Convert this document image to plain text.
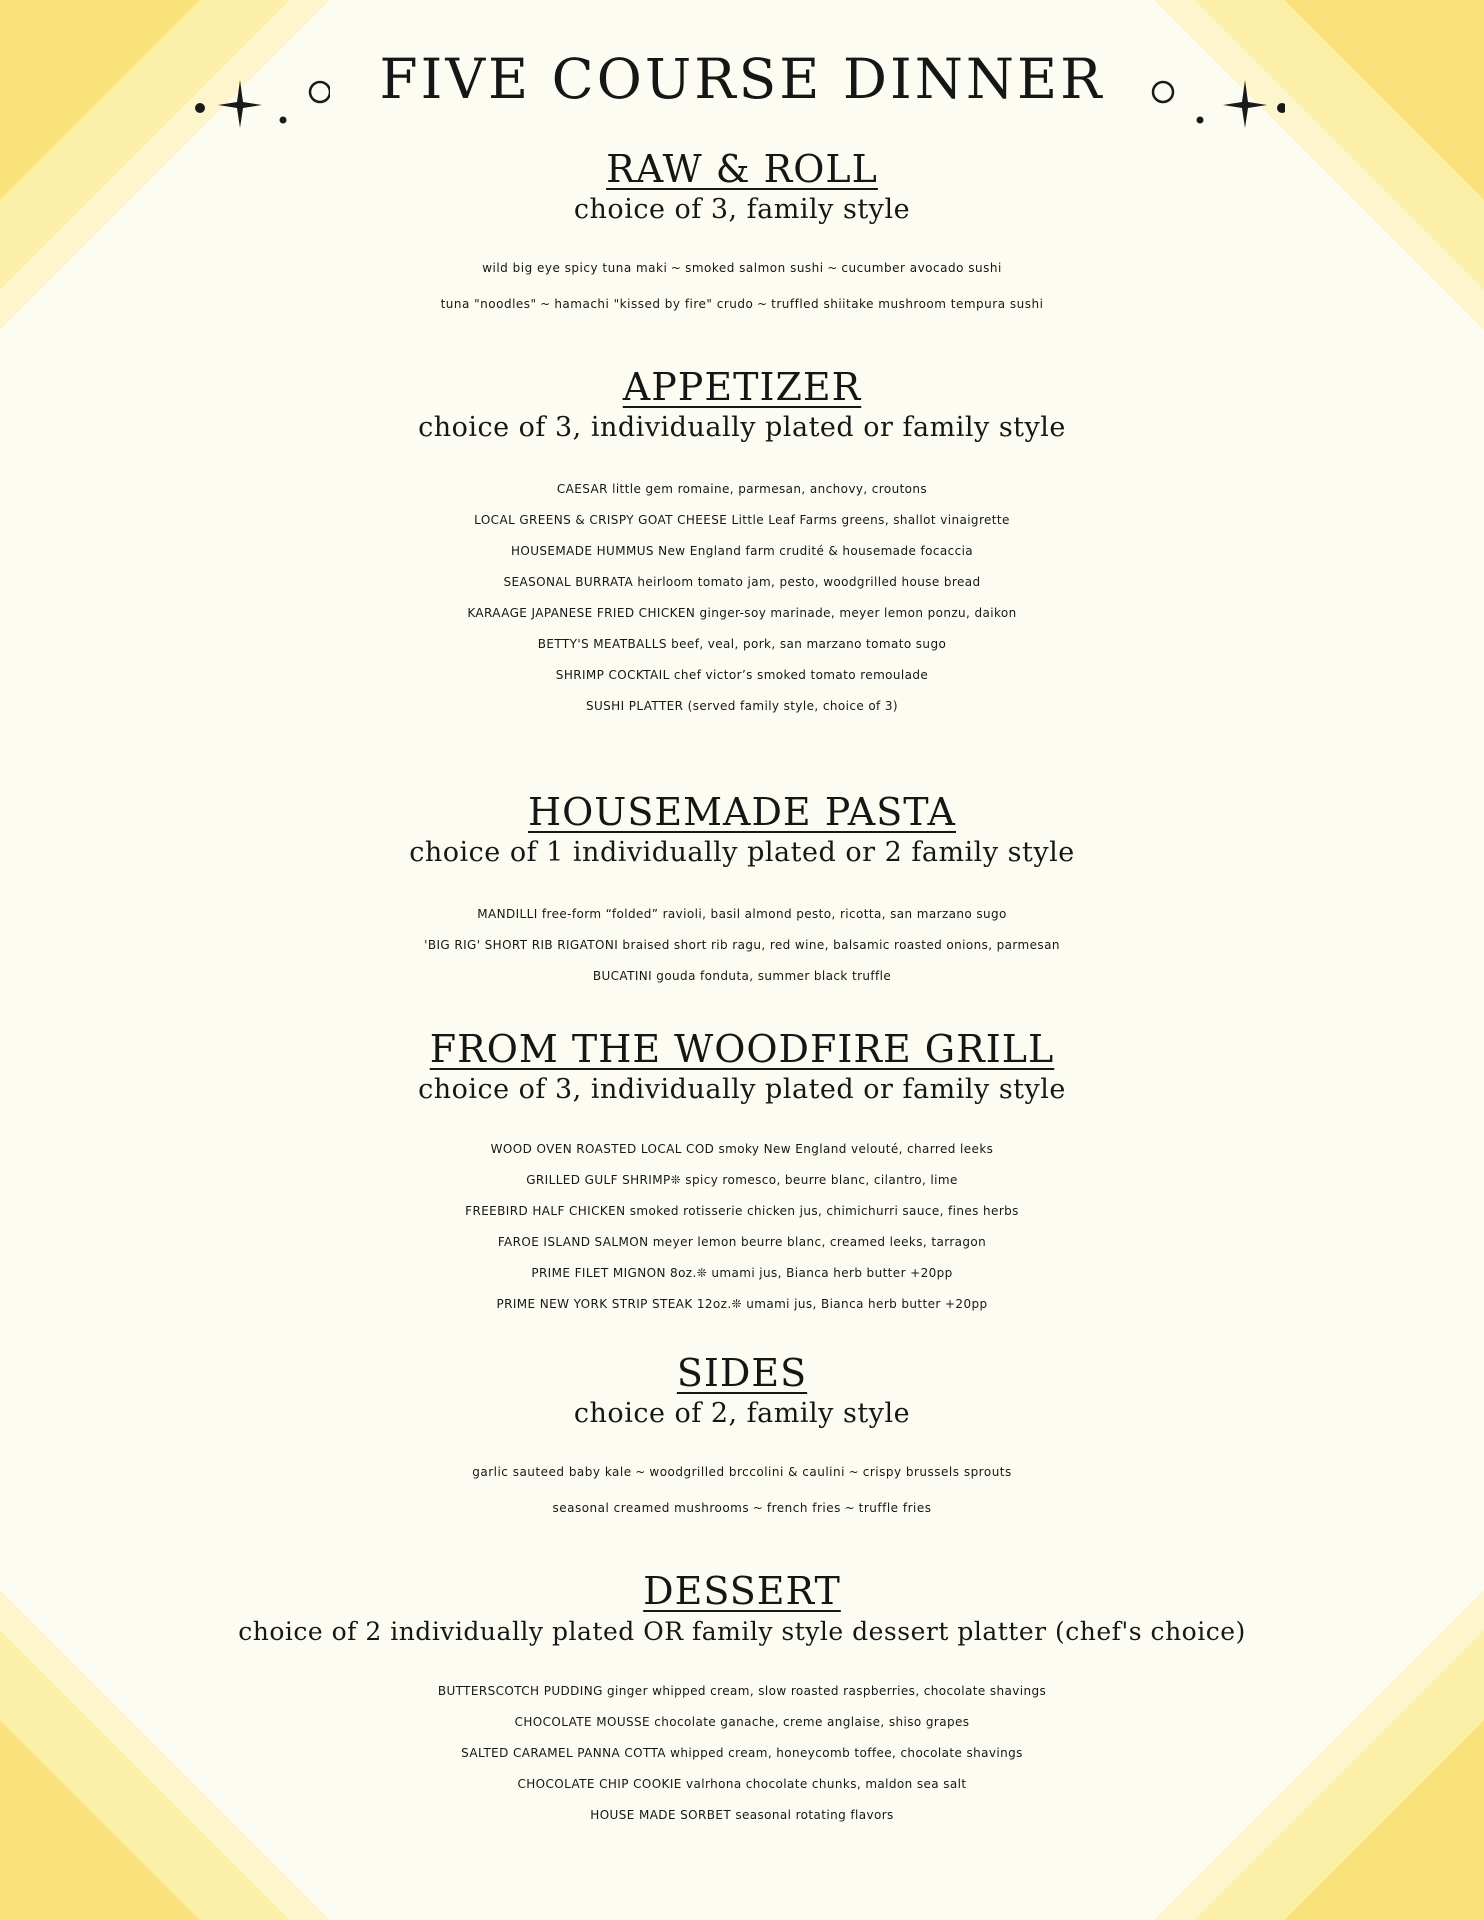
FIVE COURSE DINNER
RAW & ROLL

choice of 3, family style

wild big eye spicy tuna maki ~ smoked salmon sushi ~ cucumber avocado sushi
tuna "noodles" ~ hamachi "kissed by fire" crudo ~ truffled shiitake mushroom tempura sushi
APPETIZER

choice of 3, individually plated or family style

CAESAR little gem romaine, parmesan, anchovy, croutons
LOCAL GREENS & CRISPY GOAT CHEESE Little Leaf Farms greens, shallot vinaigrette
HOUSEMADE HUMMUS New England farm crudité & housemade focaccia
SEASONAL BURRATA heirloom tomato jam, pesto, woodgrilled house bread
KARAAGE JAPANESE FRIED CHICKEN ginger-soy marinade, meyer lemon ponzu, daikon
BETTY'S MEATBALLS beef, veal, pork, san marzano tomato sugo
SHRIMP COCKTAIL chef victor’s smoked tomato remoulade
SUSHI PLATTER (served family style, choice of 3)
HOUSEMADE PASTA

choice of 1 individually plated or 2 family style

MANDILLI free-form “folded” ravioli, basil almond pesto, ricotta, san marzano sugo
'BIG RIG' SHORT RIB RIGATONI braised short rib ragu, red wine, balsamic roasted onions, parmesan
BUCATINI gouda fonduta, summer black truffle
FROM THE WOODFIRE GRILL

choice of 3, individually plated or family style

WOOD OVEN ROASTED LOCAL COD smoky New England velouté, charred leeks
GRILLED GULF SHRIMP❊ spicy romesco, beurre blanc, cilantro, lime
FREEBIRD HALF CHICKEN smoked rotisserie chicken jus, chimichurri sauce, fines herbs
FAROE ISLAND SALMON meyer lemon beurre blanc, creamed leeks, tarragon
PRIME FILET MIGNON 8oz.❊ umami jus, Bianca herb butter +20pp
PRIME NEW YORK STRIP STEAK 12oz.❊ umami jus, Bianca herb butter +20pp
SIDES

choice of 2, family style

garlic sauteed baby kale ~ woodgrilled brccolini & caulini ~ crispy brussels sprouts
seasonal creamed mushrooms ~ french fries ~ truffle fries
DESSERT

choice of 2 individually plated OR family style dessert platter (chef's choice)

BUTTERSCOTCH PUDDING ginger whipped cream, slow roasted raspberries, chocolate shavings
CHOCOLATE MOUSSE chocolate ganache, creme anglaise, shiso grapes
SALTED CARAMEL PANNA COTTA whipped cream, honeycomb toffee, chocolate shavings
CHOCOLATE CHIP COOKIE valrhona chocolate chunks, maldon sea salt
HOUSE MADE SORBET seasonal rotating flavors
